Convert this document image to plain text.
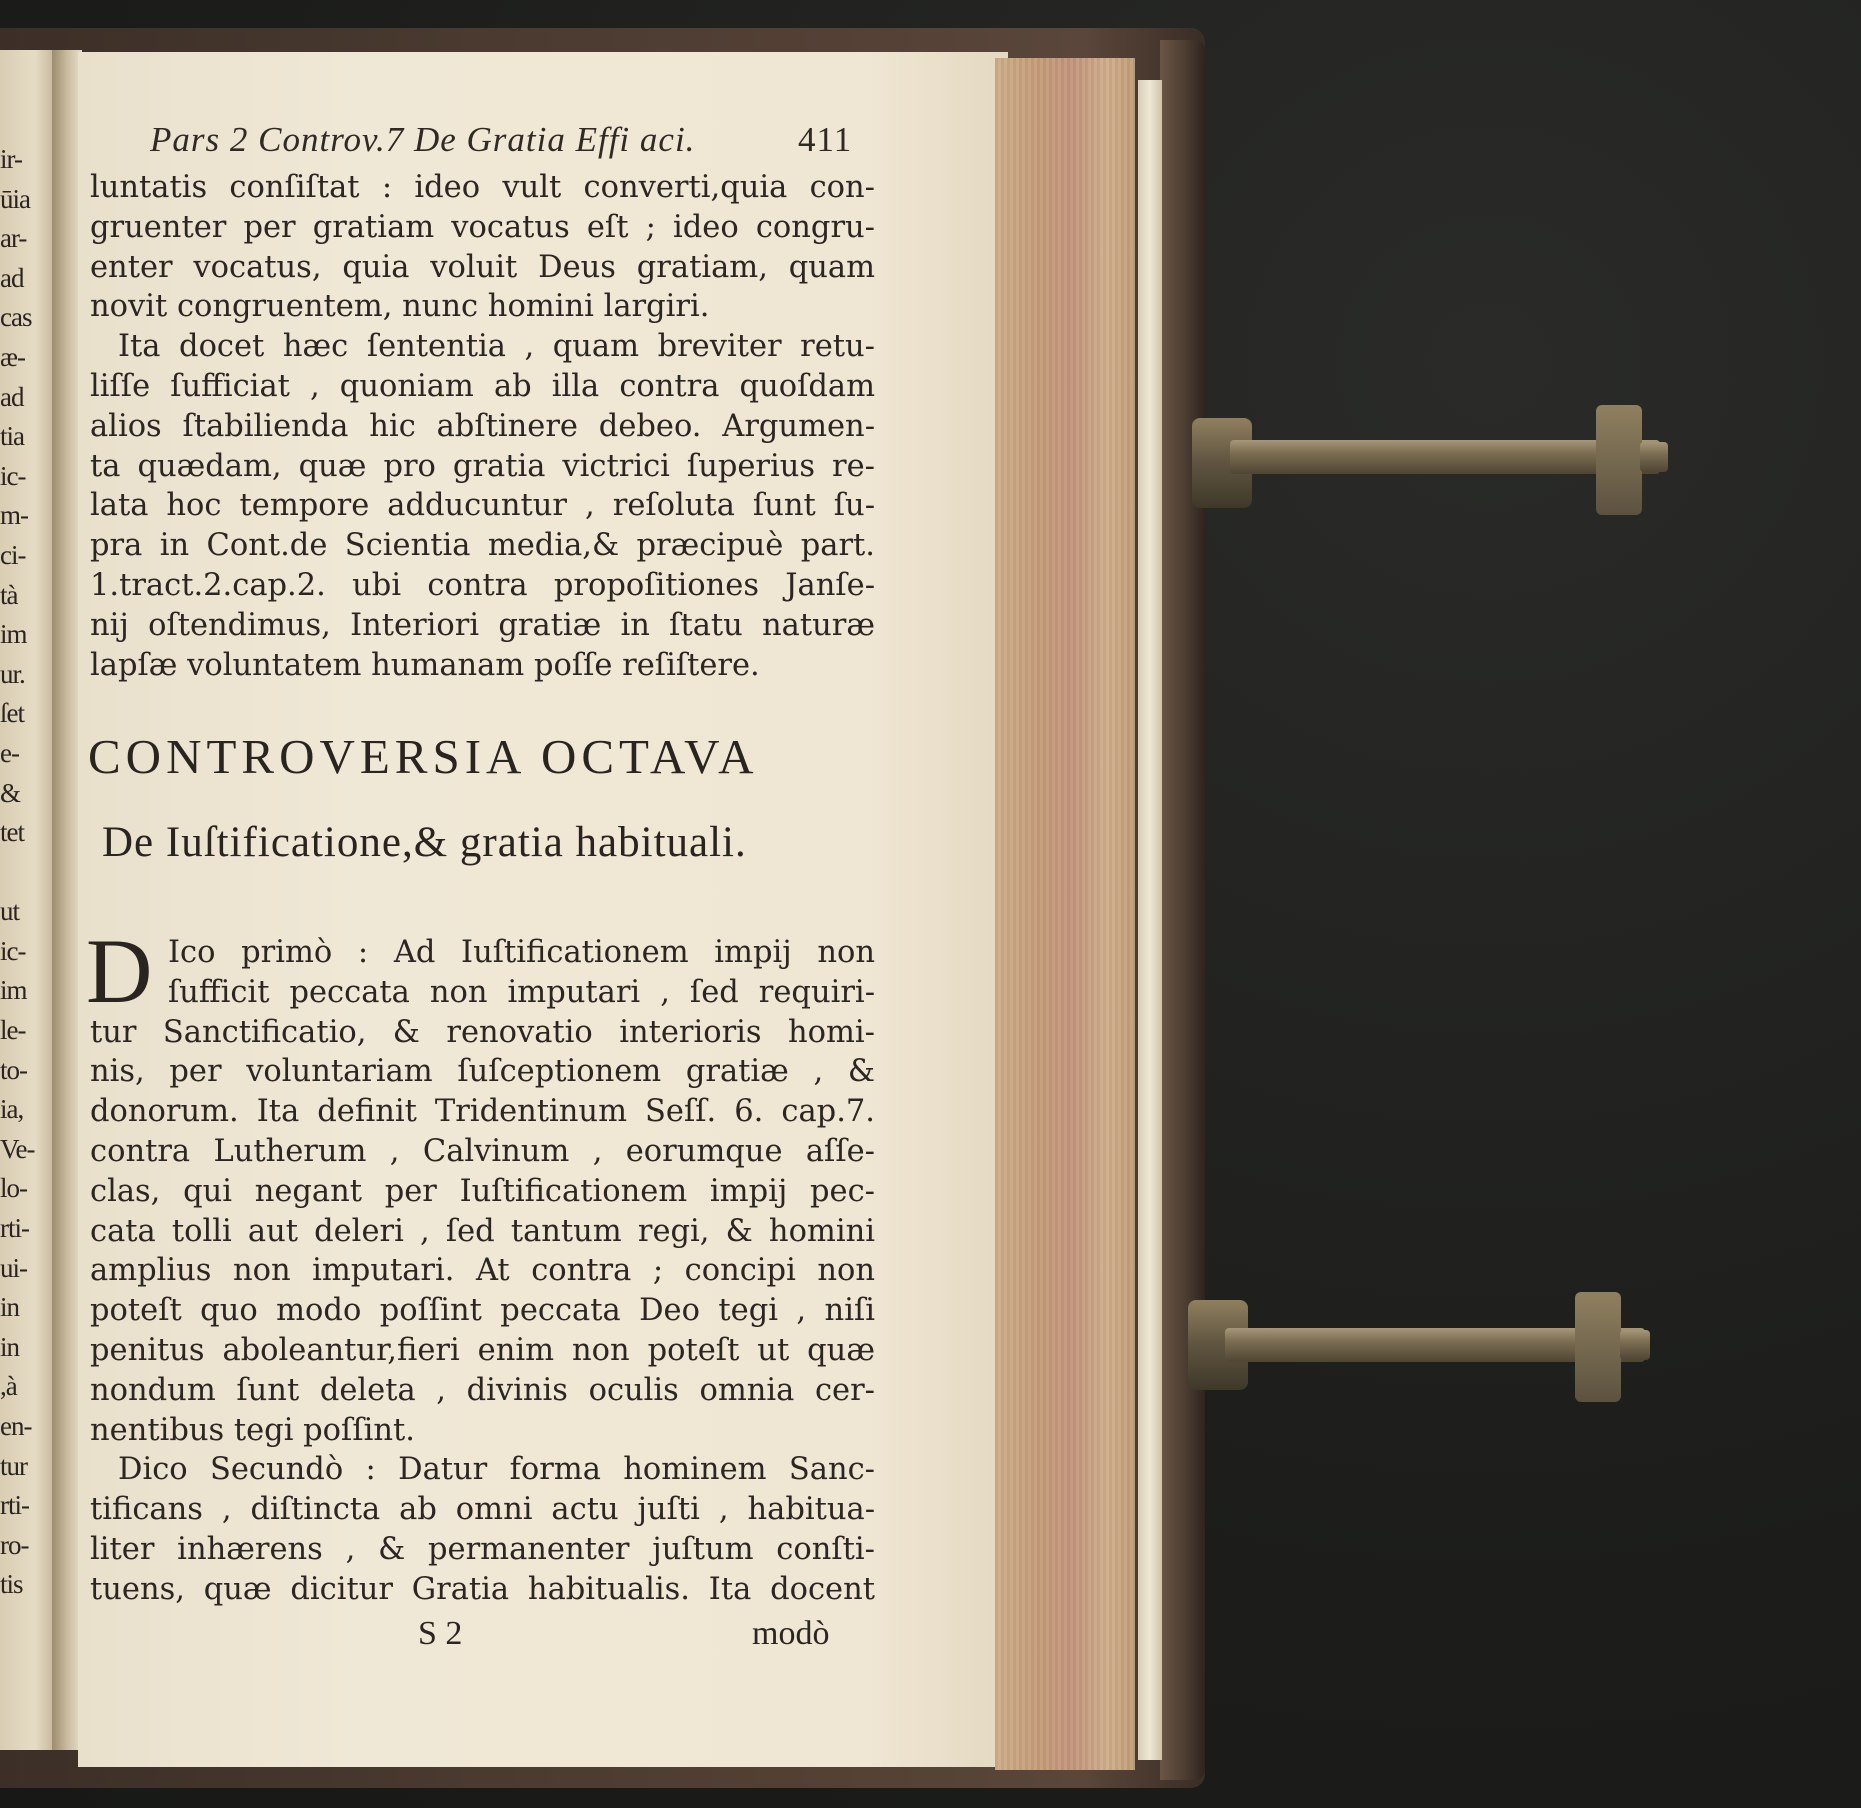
ir-
ūia
ar-
ad
cas
æ-
ad
tia
ic-
m-
ci-
tà
im
ur.
ſet
e-
&
tet
ut
ic-
im
le-
to-
ia,
Ve-
lo-
rti-
ui-
in
in
,à
en-
tur
rti-
ro-
tis
Pars 2 Controv.7 De Gratia Effi aci.	411
luntatis conſiſtat : ideo vult converti,quia con-
gruenter per gratiam vocatus eſt ; ideo congru-
enter vocatus, quia voluit Deus gratiam, quam
novit congruentem, nunc homini largiri.
Ita docet hæc ſententia , quam breviter retu-
liſſe ſufficiat , quoniam ab illa contra quoſdam
alios ſtabilienda hic abſtinere debeo. Argumen-
ta quædam, quæ pro gratia victrici ſuperius re-
lata hoc tempore adducuntur , reſoluta ſunt ſu-
pra in Cont.de Scientia media,& præcipuè part.
1.tract.2.cap.2. ubi contra propoſitiones Janſe-
nij oſtendimus, Interiori gratiæ in ſtatu naturæ
lapſæ voluntatem humanam poſſe reſiſtere.
CONTROVERSIA OCTAVA
De Iuſtificatione,& gratia habituali.
D Ico primò : Ad Iuſtificationem impij non
ſufficit peccata non imputari , ſed requiri-
tur Sanctificatio, & renovatio interioris homi-
nis, per voluntariam ſuſceptionem gratiæ , &
donorum. Ita definit Tridentinum Seſſ. 6. cap.7.
contra Lutherum , Calvinum , eorumque aſſe-
clas, qui negant per Iuſtificationem impij pec-
cata tolli aut deleri , ſed tantum regi, & homini
amplius non imputari. At contra ; concipi non
poteſt quo modo poſſint peccata Deo tegi , niſi
penitus aboleantur,fieri enim non poteſt ut quæ
nondum ſunt deleta , divinis oculis omnia cer-
nentibus tegi poſſint.
Dico Secundò : Datur forma hominem Sanc-
tificans , diſtincta ab omni actu juſti , habitua-
liter inhærens , & permanenter juſtum conſti-
tuens, quæ dicitur Gratia habitualis. Ita docent
S 2	modò
